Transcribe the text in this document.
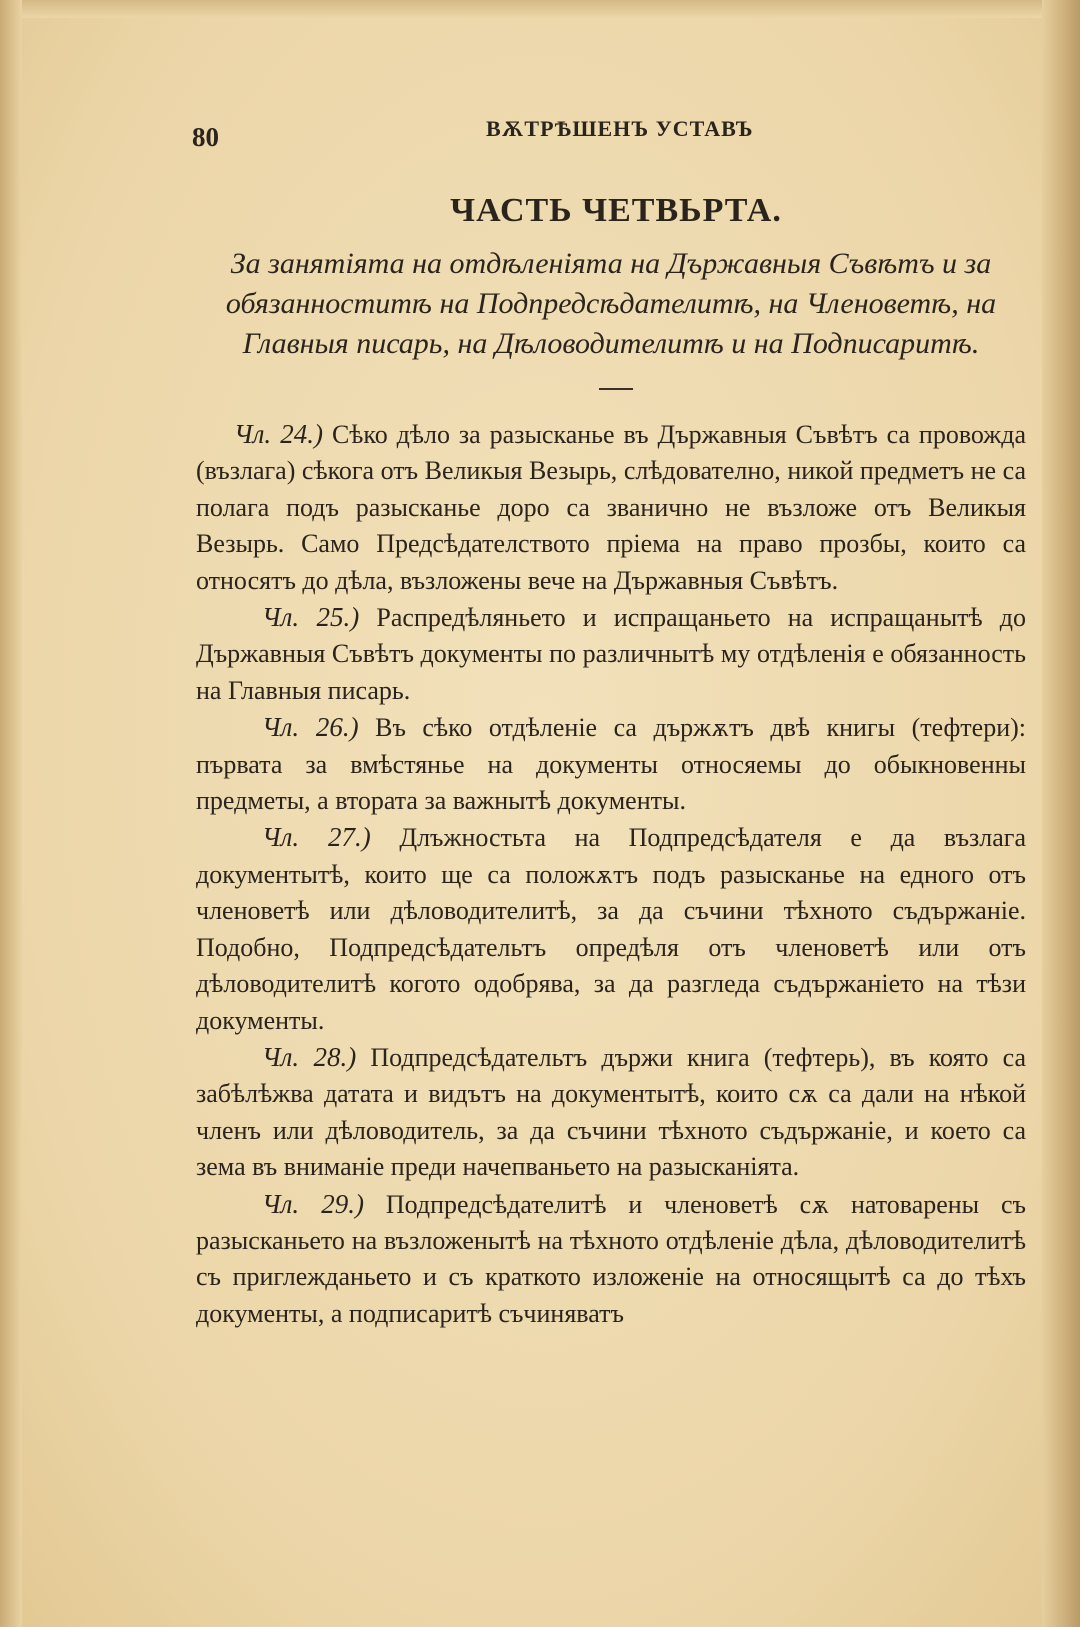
80	ВѪТРѢШЕНЪ УСТАВЪ
ЧАСТЬ ЧЕТВЬРТА.
За занятіята на отдѣленіята на Държавныя Съвѣтъ и за обязанноститѣ на Подпредсѣдателитѣ, на Членоветѣ, на Главныя писарь, на Дѣловодителитѣ и на Подписаритѣ.

Чл. 24.) Сѣко дѣло за разысканье въ Държавныя Съвѣтъ са провожда (възлага) сѣкога отъ Великыя Везырь, слѣдователно, никой предметъ не са полага подъ разысканье доро са званично не възложе отъ Великыя Везырь. Само Предсѣдателството пріема на право прозбы, които са относятъ до дѣла, възложены вече на Държавныя Съвѣтъ.

Чл. 25.) Распредѣляньето и испращаньето на испращанытѣ до Държавныя Съвѣтъ документы по различнытѣ му отдѣленія е обязанность на Главныя писарь.

Чл. 26.) Въ сѣко отдѣленіе са държѫтъ двѣ книгы (тефтери): първата за вмѣстянье на документы относяемы до обыкновенны предметы, а втората за важнытѣ документы.

Чл. 27.) Длъжностьта на Подпредсѣдателя е да възлага документытѣ, които ще са положѫтъ подъ разысканье на едного отъ членоветѣ или дѣловодителитѣ, за да съчини тѣхното съдържаніе. Подобно, Подпредсѣдательтъ опредѣля отъ членоветѣ или отъ дѣловодителитѣ когото одобрява, за да разгледа съдържаніето на тѣзи документы.

Чл. 28.) Подпредсѣдательтъ държи книга (тефтерь), въ която са забѣлѣжва датата и видътъ на документытѣ, които сѫ са дали на нѣкой членъ или дѣловодитель, за да съчини тѣхното съдържаніе, и което са зема въ вниманіе преди начепваньето на разысканіята.

Чл. 29.) Подпредсѣдателитѣ и членоветѣ сѫ натоварены съ разысканьето на възложенытѣ на тѣхното отдѣленіе дѣла, дѣловодителитѣ съ приглежданьето и съ краткото изложеніе на относящытѣ са до тѣхъ документы, а подписаритѣ съчиняватъ
